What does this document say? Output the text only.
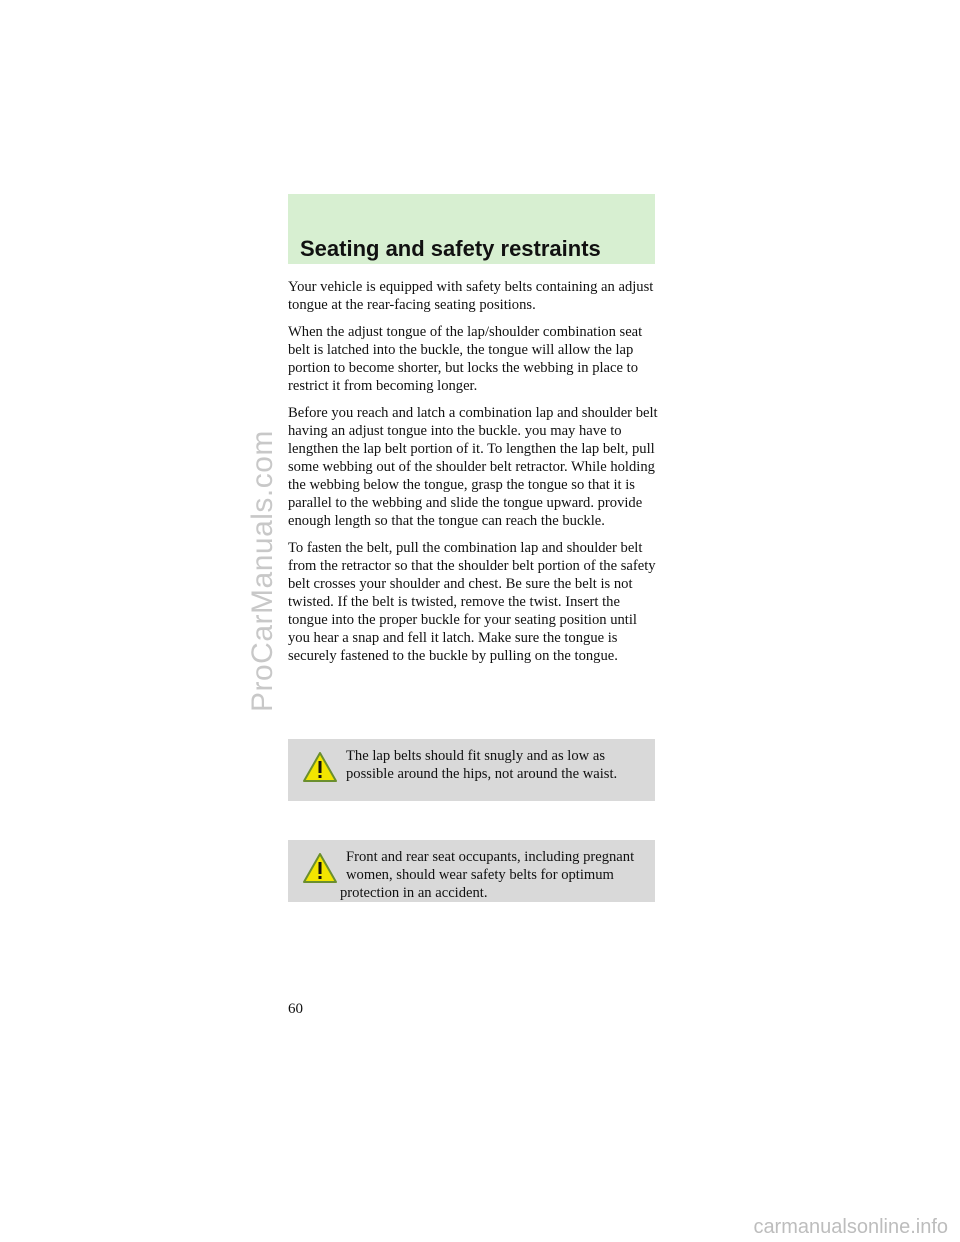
Seating and safety restraints

Your vehicle is equipped with safety belts containing an adjust tongue at the rear-facing seating positions.

When the adjust tongue of the lap/shoulder combination seat belt is latched into the buckle, the tongue will allow the lap portion to become shorter, but locks the webbing in place to restrict it from becoming longer.

Before you reach and latch a combination lap and shoulder belt having an adjust tongue into the buckle. you may have to lengthen the lap belt portion of it. To lengthen the lap belt, pull some webbing out of the shoulder belt retractor. While holding the webbing below the tongue, grasp the tongue so that it is parallel to the webbing and slide the tongue upward. provide enough length so that the tongue can reach the buckle.

To fasten the belt, pull the combination lap and shoulder belt from the retractor so that the shoulder belt portion of the safety belt crosses your shoulder and chest. Be sure the belt is not twisted. If the belt is twisted, remove the twist. Insert the tongue into the proper buckle for your seating position until you hear a snap and fell it latch. Make sure the tongue is securely fastened to the buckle by pulling on the tongue.

The lap belts should fit snugly and as low as possible around the hips, not around the waist.
Front and rear seat occupants, including pregnant women, should wear safety belts for optimum protection in an accident.
60
ProCarManuals.com
carmanualsonline.info
